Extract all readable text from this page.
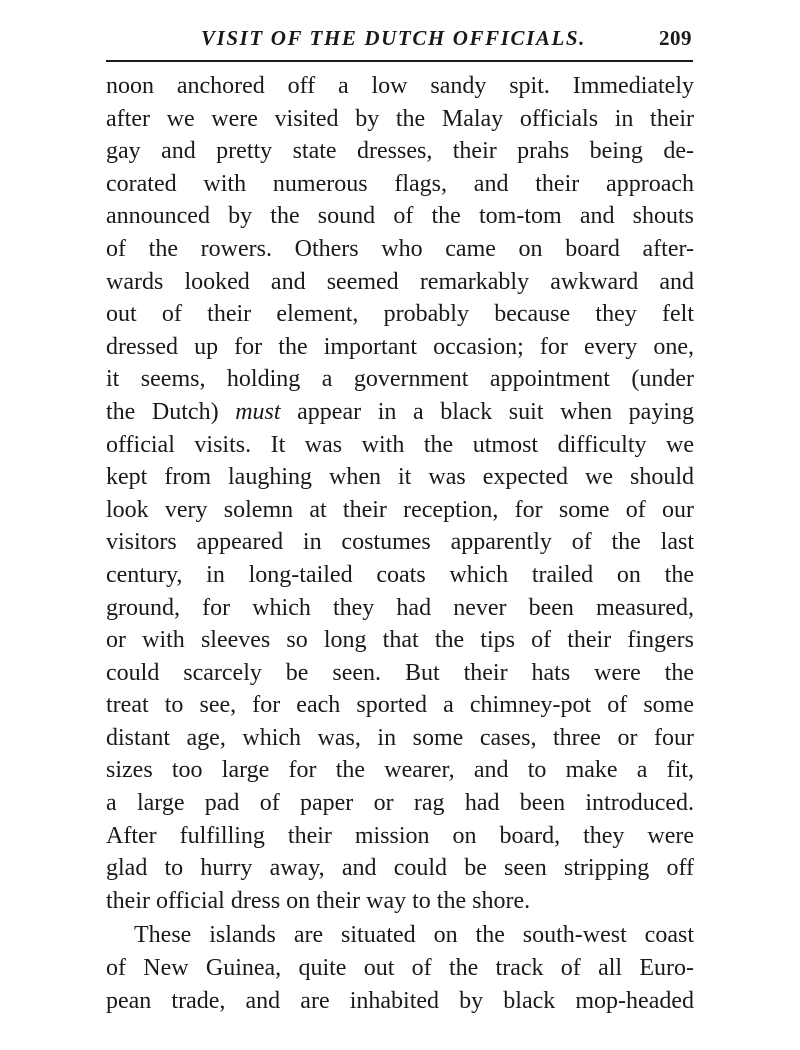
VISIT OF THE DUTCH OFFICIALS.	209
noon anchored off a low sandy spit. Immediately
after we were visited by the Malay officials in their
gay and pretty state dresses, their prahs being de-
corated with numerous flags, and their approach
announced by the sound of the tom-tom and shouts
of the rowers. Others who came on board after-
wards looked and seemed remarkably awkward and
out of their element, probably because they felt
dressed up for the important occasion; for every one,
it seems, holding a government appointment (under
the Dutch) must appear in a black suit when paying
official visits. It was with the utmost difficulty we
kept from laughing when it was expected we should
look very solemn at their reception, for some of our
visitors appeared in costumes apparently of the last
century, in long-tailed coats which trailed on the
ground, for which they had never been measured,
or with sleeves so long that the tips of their fingers
could scarcely be seen. But their hats were the
treat to see, for each sported a chimney-pot of some
distant age, which was, in some cases, three or four
sizes too large for the wearer, and to make a fit,
a large pad of paper or rag had been introduced.
After fulfilling their mission on board, they were
glad to hurry away, and could be seen stripping off
their official dress on their way to the shore.
These islands are situated on the south-west coast
of New Guinea, quite out of the track of all Euro-
pean trade, and are inhabited by black mop-headed
